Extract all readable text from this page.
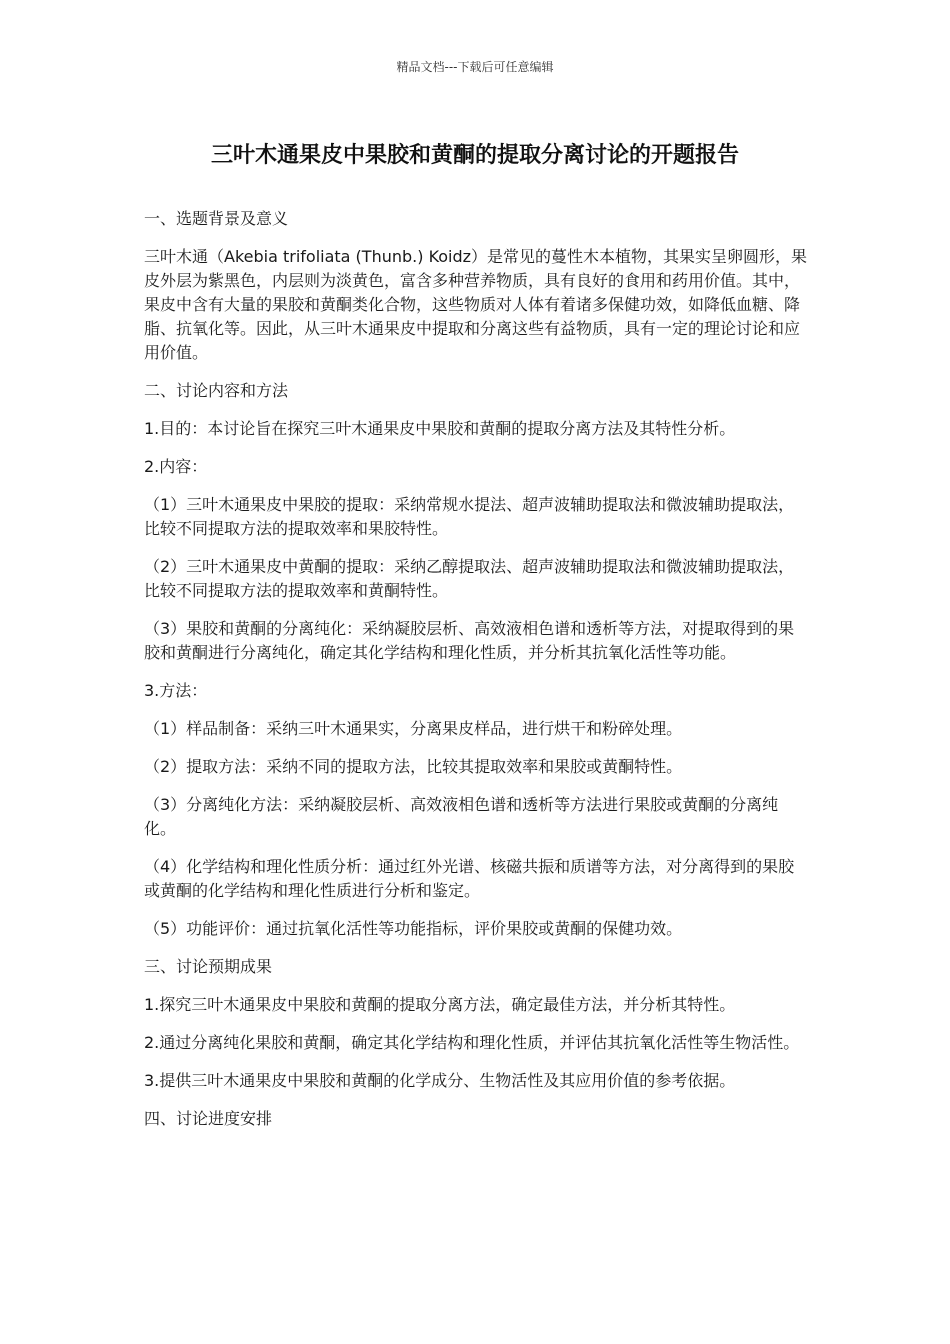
精品文档---下载后可任意编辑
三叶木通果皮中果胶和黄酮的提取分离讨论的开题报告

一、选题背景及意义

三叶木通（Akebia trifoliata (Thunb.) Koidz）是常见的蔓性木本植物，其果实呈卵圆形，果皮外层为紫黑色，内层则为淡黄色，富含多种营养物质，具有良好的食用和药用价值。其中，果皮中含有大量的果胶和黄酮类化合物，这些物质对人体有着诸多保健功效，如降低血糖、降脂、抗氧化等。因此，从三叶木通果皮中提取和分离这些有益物质，具有一定的理论讨论和应用价值。

二、讨论内容和方法

1.目的：本讨论旨在探究三叶木通果皮中果胶和黄酮的提取分离方法及其特性分析。

2.内容：

（1）三叶木通果皮中果胶的提取：采纳常规水提法、超声波辅助提取法和微波辅助提取法，比较不同提取方法的提取效率和果胶特性。

（2）三叶木通果皮中黄酮的提取：采纳乙醇提取法、超声波辅助提取法和微波辅助提取法，比较不同提取方法的提取效率和黄酮特性。

（3）果胶和黄酮的分离纯化：采纳凝胶层析、高效液相色谱和透析等方法，对提取得到的果胶和黄酮进行分离纯化，确定其化学结构和理化性质，并分析其抗氧化活性等功能。

3.方法：

（1）样品制备：采纳三叶木通果实，分离果皮样品，进行烘干和粉碎处理。

（2）提取方法：采纳不同的提取方法，比较其提取效率和果胶或黄酮特性。

（3）分离纯化方法：采纳凝胶层析、高效液相色谱和透析等方法进行果胶或黄酮的分离纯化。

（4）化学结构和理化性质分析：通过红外光谱、核磁共振和质谱等方法，对分离得到的果胶或黄酮的化学结构和理化性质进行分析和鉴定。

（5）功能评价：通过抗氧化活性等功能指标，评价果胶或黄酮的保健功效。

三、讨论预期成果

1.探究三叶木通果皮中果胶和黄酮的提取分离方法，确定最佳方法，并分析其特性。

2.通过分离纯化果胶和黄酮，确定其化学结构和理化性质，并评估其抗氧化活性等生物活性。

3.提供三叶木通果皮中果胶和黄酮的化学成分、生物活性及其应用价值的参考依据。

四、讨论进度安排
